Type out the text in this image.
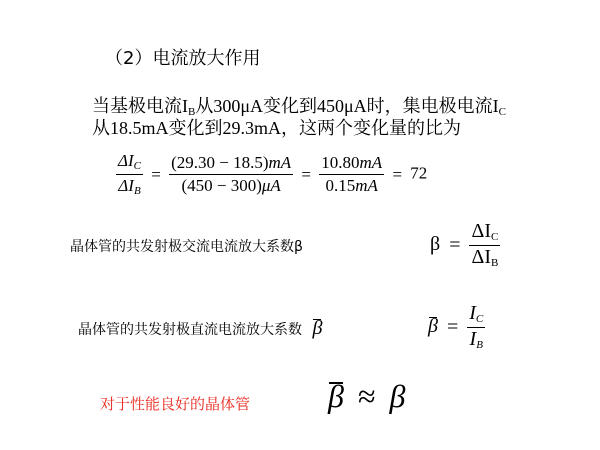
（2）电流放大作用
当基极电流$I_B$从300μA变化到450μA时，集电极电流$I_C$
从18.5mA变化到29.3mA，这两个变化量的比为
$\frac{\Delta I_C}{\Delta I_B} = \frac{(29.30 - 18.5)mA}{(450 - 300)\mu A} = \frac{10.80mA}{0.15mA} = 72$
晶体管的共发射极交流电流放大系数β	$\beta = \frac{\Delta I_C}{\Delta I_B}$
晶体管的共发射极直流电流放大系数 β	$\beta = \frac{I_C}{I_B}$
对于性能良好的晶体管 β ≈ β
